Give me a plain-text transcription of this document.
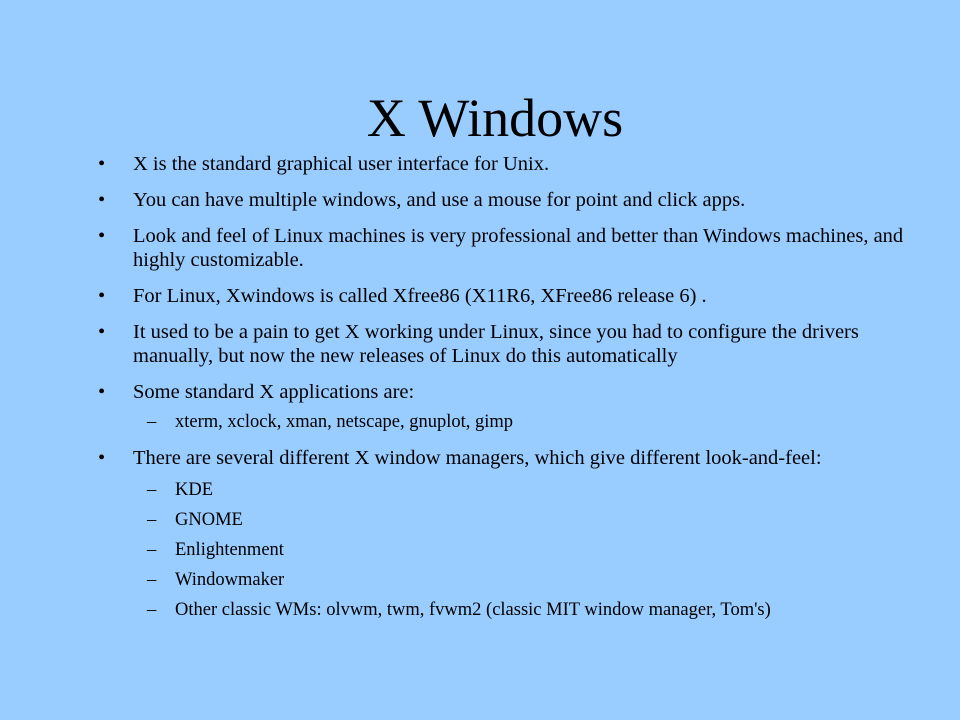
X Windows
• X is the standard graphical user interface for Unix.
• You can have multiple windows, and use a mouse for point and click apps.
• Look and feel of Linux machines is very professional and better than Windows machines, and highly customizable.
• For Linux, Xwindows is called Xfree86 (X11R6, XFree86 release 6) .
• It used to be a pain to get X working under Linux, since you had to configure the drivers manually, but now the new releases of Linux do this automatically
• Some standard X applications are:
– xterm, xclock, xman, netscape, gnuplot, gimp
• There are several different X window managers, which give different look-and-feel:
– KDE
– GNOME
– Enlightenment
– Windowmaker
– Other classic WMs: olvwm, twm, fvwm2 (classic MIT window manager, Tom's)
